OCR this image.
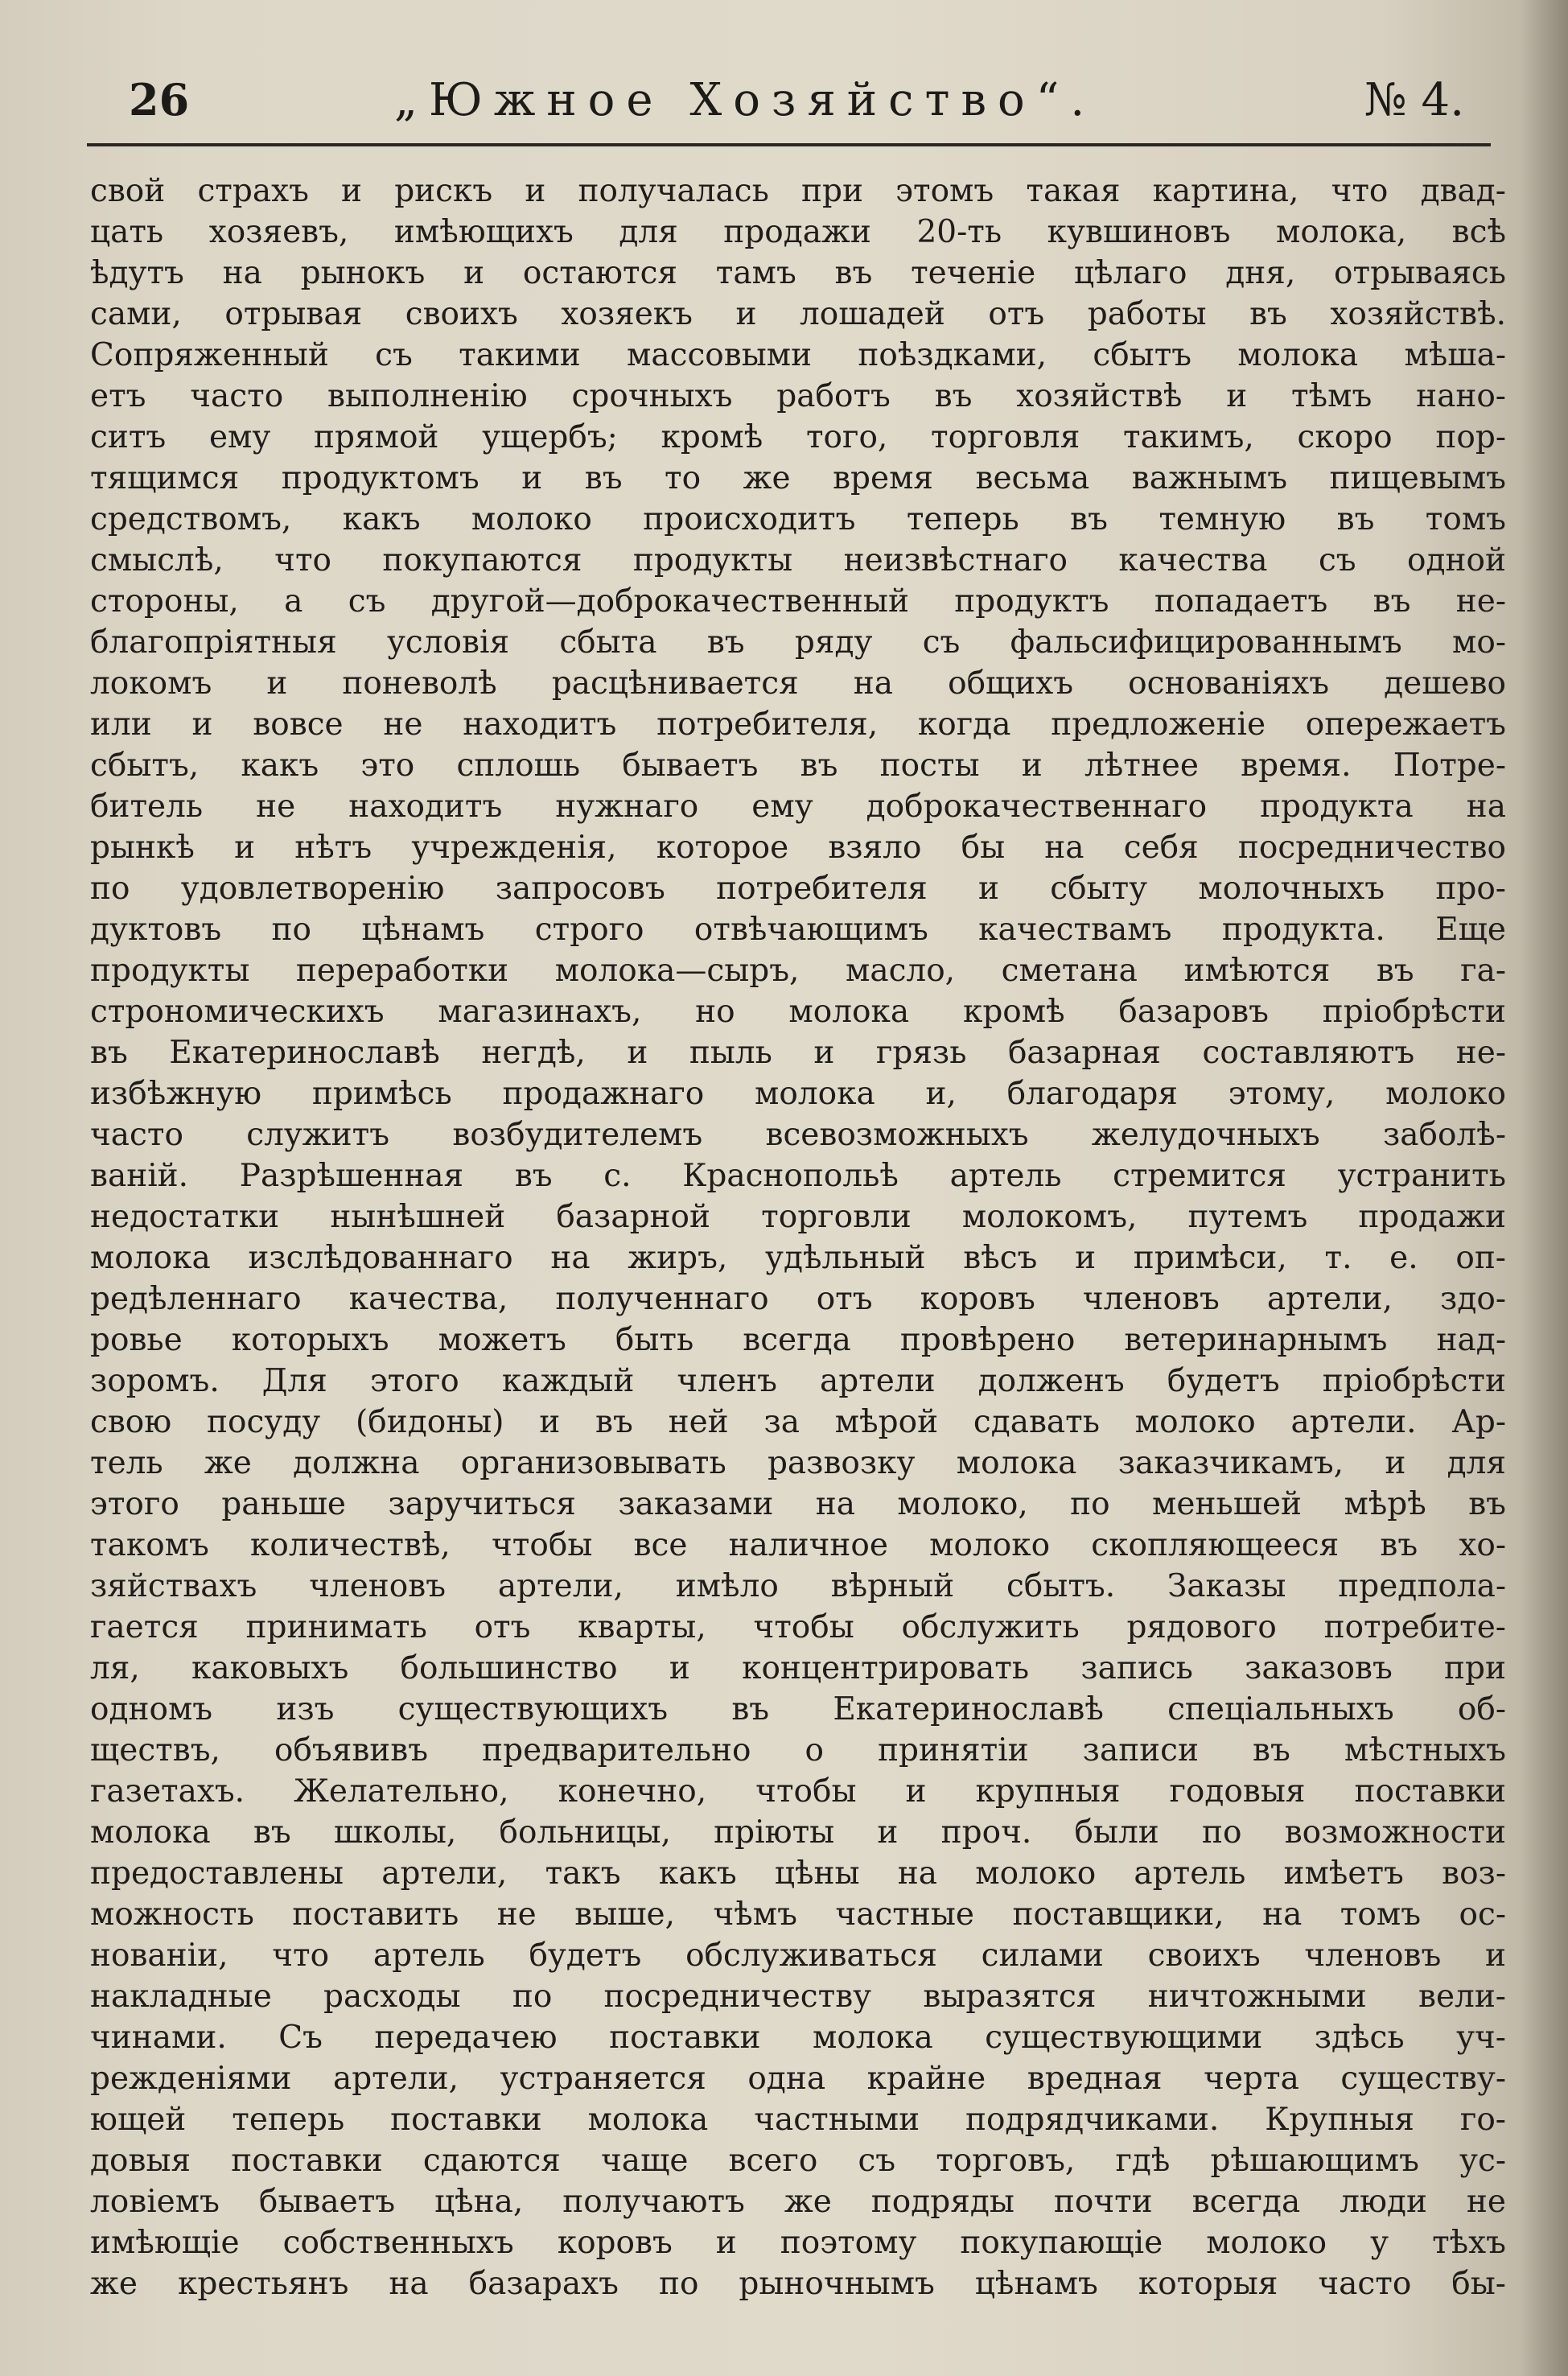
26	„Южное Хозяйство“.	№ 4.
свой страхъ и рискъ и получалась при этомъ такая картина, что двад-
цать хозяевъ, имѣющихъ для продажи 20-ть кувшиновъ молока, всѣ
ѣдутъ на рынокъ и остаются тамъ въ теченіе цѣлаго дня, отрываясь
сами, отрывая своихъ хозяекъ и лошадей отъ работы въ хозяйствѣ.
Сопряженный съ такими массовыми поѣздками, сбытъ молока мѣша-
етъ часто выполненію срочныхъ работъ въ хозяйствѣ и тѣмъ нано-
ситъ ему прямой ущербъ; кромѣ того, торговля такимъ, скоро пор-
тящимся продуктомъ и въ то же время весьма важнымъ пищевымъ
средствомъ, какъ молоко происходитъ теперь въ темную въ томъ
смыслѣ, что покупаются продукты неизвѣстнаго качества съ одной
стороны, а съ другой—доброкачественный продуктъ попадаетъ въ не-
благопріятныя условія сбыта въ ряду съ фальсифицированнымъ мо-
локомъ и поневолѣ расцѣнивается на общихъ основаніяхъ дешево
или и вовсе не находитъ потребителя, когда предложеніе опережаетъ
сбытъ, какъ это сплошь бываетъ въ посты и лѣтнее время. Потре-
битель не находитъ нужнаго ему доброкачественнаго продукта на
рынкѣ и нѣтъ учрежденія, которое взяло бы на себя посредничество
по удовлетворенію запросовъ потребителя и сбыту молочныхъ про-
дуктовъ по цѣнамъ строго отвѣчающимъ качествамъ продукта. Еще
продукты переработки молока—сыръ, масло, сметана имѣются въ га-
строномическихъ магазинахъ, но молока кромѣ базаровъ пріобрѣсти
въ Екатеринославѣ негдѣ, и пыль и грязь базарная составляютъ не-
избѣжную примѣсь продажнаго молока и, благодаря этому, молоко
часто служитъ возбудителемъ всевозможныхъ желудочныхъ заболѣ-
ваній. Разрѣшенная въ с. Краснопольѣ артель стремится устранить
недостатки нынѣшней базарной торговли молокомъ, путемъ продажи
молока изслѣдованнаго на жиръ, удѣльный вѣсъ и примѣси, т. е. оп-
редѣленнаго качества, полученнаго отъ коровъ членовъ артели, здо-
ровье которыхъ можетъ быть всегда провѣрено ветеринарнымъ над-
зоромъ. Для этого каждый членъ артели долженъ будетъ пріобрѣсти
свою посуду (бидоны) и въ ней за мѣрой сдавать молоко артели. Ар-
тель же должна организовывать развозку молока заказчикамъ, и для
этого раньше заручиться заказами на молоко, по меньшей мѣрѣ въ
такомъ количествѣ, чтобы все наличное молоко скопляющееся въ хо-
зяйствахъ членовъ артели, имѣло вѣрный сбытъ. Заказы предпола-
гается принимать отъ кварты, чтобы обслужить рядового потребите-
ля, каковыхъ большинство и концентрировать запись заказовъ при
одномъ изъ существующихъ въ Екатеринославѣ спеціальныхъ об-
ществъ, объявивъ предварительно о принятіи записи въ мѣстныхъ
газетахъ. Желательно, конечно, чтобы и крупныя годовыя поставки
молока въ школы, больницы, пріюты и проч. были по возможности
предоставлены артели, такъ какъ цѣны на молоко артель имѣетъ воз-
можность поставить не выше, чѣмъ частные поставщики, на томъ ос-
нованіи, что артель будетъ обслуживаться силами своихъ членовъ и
накладные расходы по посредничеству выразятся ничтожными вели-
чинами. Съ передачею поставки молока существующими здѣсь уч-
режденіями артели, устраняется одна крайне вредная черта существу-
ющей теперь поставки молока частными подрядчиками. Крупныя го-
довыя поставки сдаются чаще всего съ торговъ, гдѣ рѣшающимъ ус-
ловіемъ бываетъ цѣна, получаютъ же подряды почти всегда люди не
имѣющіе собственныхъ коровъ и поэтому покупающіе молоко у тѣхъ
же крестьянъ на базарахъ по рыночнымъ цѣнамъ которыя часто бы-
